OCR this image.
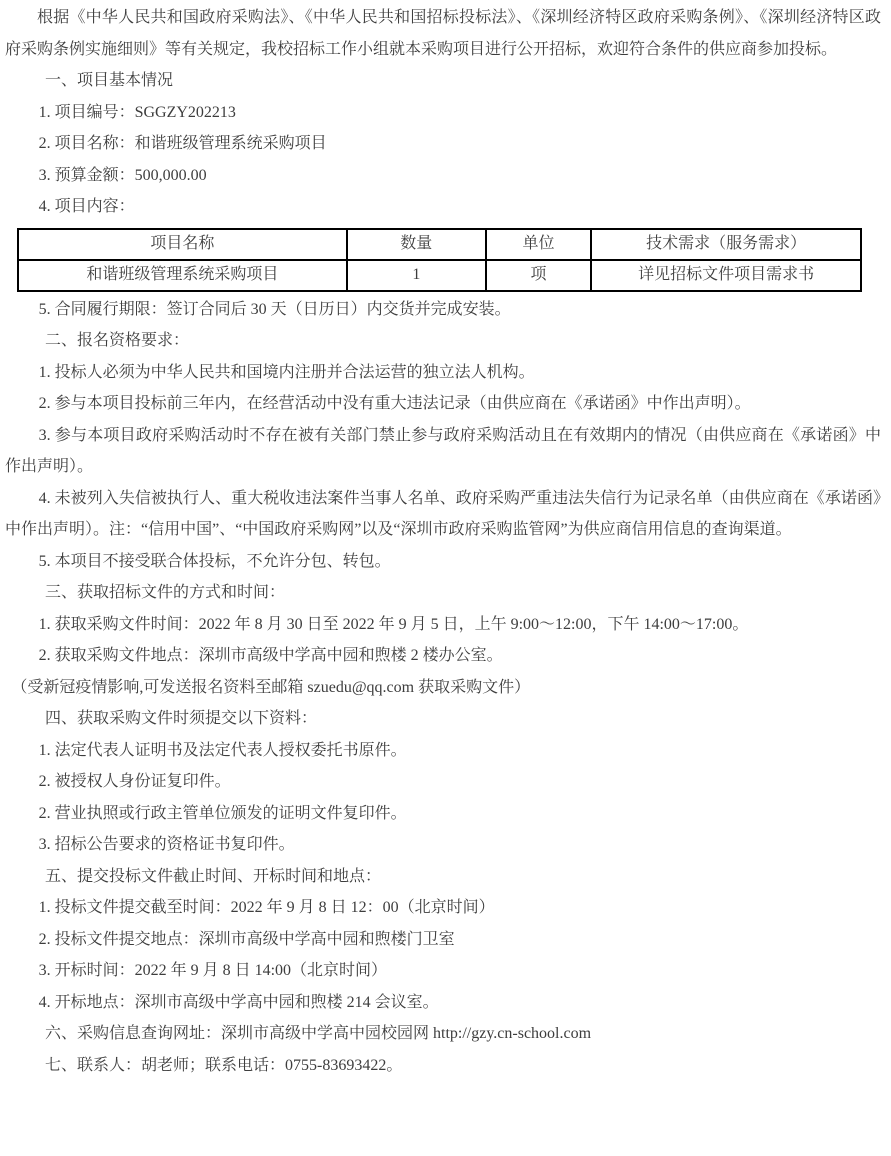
根据《中华人民共和国政府采购法》、《中华人民共和国招标投标法》、《深圳经济特区政府采购条例》、《深圳经济特区政府采购条例实施细则》等有关规定，我校招标工作小组就本采购项目进行公开招标，欢迎符合条件的供应商参加投标。

一、项目基本情况

1. 项目编号：SGGZY202213

2. 项目名称：和谐班级管理系统采购项目

3. 预算金额：500,000.00

4. 项目内容：

项目名称	数量	单位	技术需求（服务需求）
和谐班级管理系统采购项目	1	项	详见招标文件项目需求书

5. 合同履行期限：签订合同后 30 天（日历日）内交货并完成安装。

二、报名资格要求：

1. 投标人必须为中华人民共和国境内注册并合法运营的独立法人机构。

2. 参与本项目投标前三年内，在经营活动中没有重大违法记录（由供应商在《承诺函》中作出声明）。

3. 参与本项目政府采购活动时不存在被有关部门禁止参与政府采购活动且在有效期内的情况（由供应商在《承诺函》中作出声明）。

4. 未被列入失信被执行人、重大税收违法案件当事人名单、政府采购严重违法失信行为记录名单（由供应商在《承诺函》中作出声明）。注：“信用中国”、“中国政府采购网”以及“深圳市政府采购监管网”为供应商信用信息的查询渠道。

5. 本项目不接受联合体投标，不允许分包、转包。

三、获取招标文件的方式和时间：

1. 获取采购文件时间：2022 年 8 月 30 日至 2022 年 9 月 5 日，上午 9:00～12:00，下午 14:00～17:00。

2. 获取采购文件地点：深圳市高级中学高中园和煦楼 2 楼办公室。

（受新冠疫情影响,可发送报名资料至邮箱 szuedu@qq.com 获取采购文件）

四、获取采购文件时须提交以下资料：

1. 法定代表人证明书及法定代表人授权委托书原件。

2. 被授权人身份证复印件。

2. 营业执照或行政主管单位颁发的证明文件复印件。

3. 招标公告要求的资格证书复印件。

五、提交投标文件截止时间、开标时间和地点：

1. 投标文件提交截至时间：2022 年 9 月 8 日 12：00（北京时间）

2. 投标文件提交地点：深圳市高级中学高中园和煦楼门卫室

3. 开标时间：2022 年 9 月 8 日 14:00（北京时间）

4. 开标地点：深圳市高级中学高中园和煦楼 214 会议室。

六、采购信息查询网址：深圳市高级中学高中园校园网 http://gzy.cn-school.com

七、联系人：胡老师；联系电话：0755-83693422。
